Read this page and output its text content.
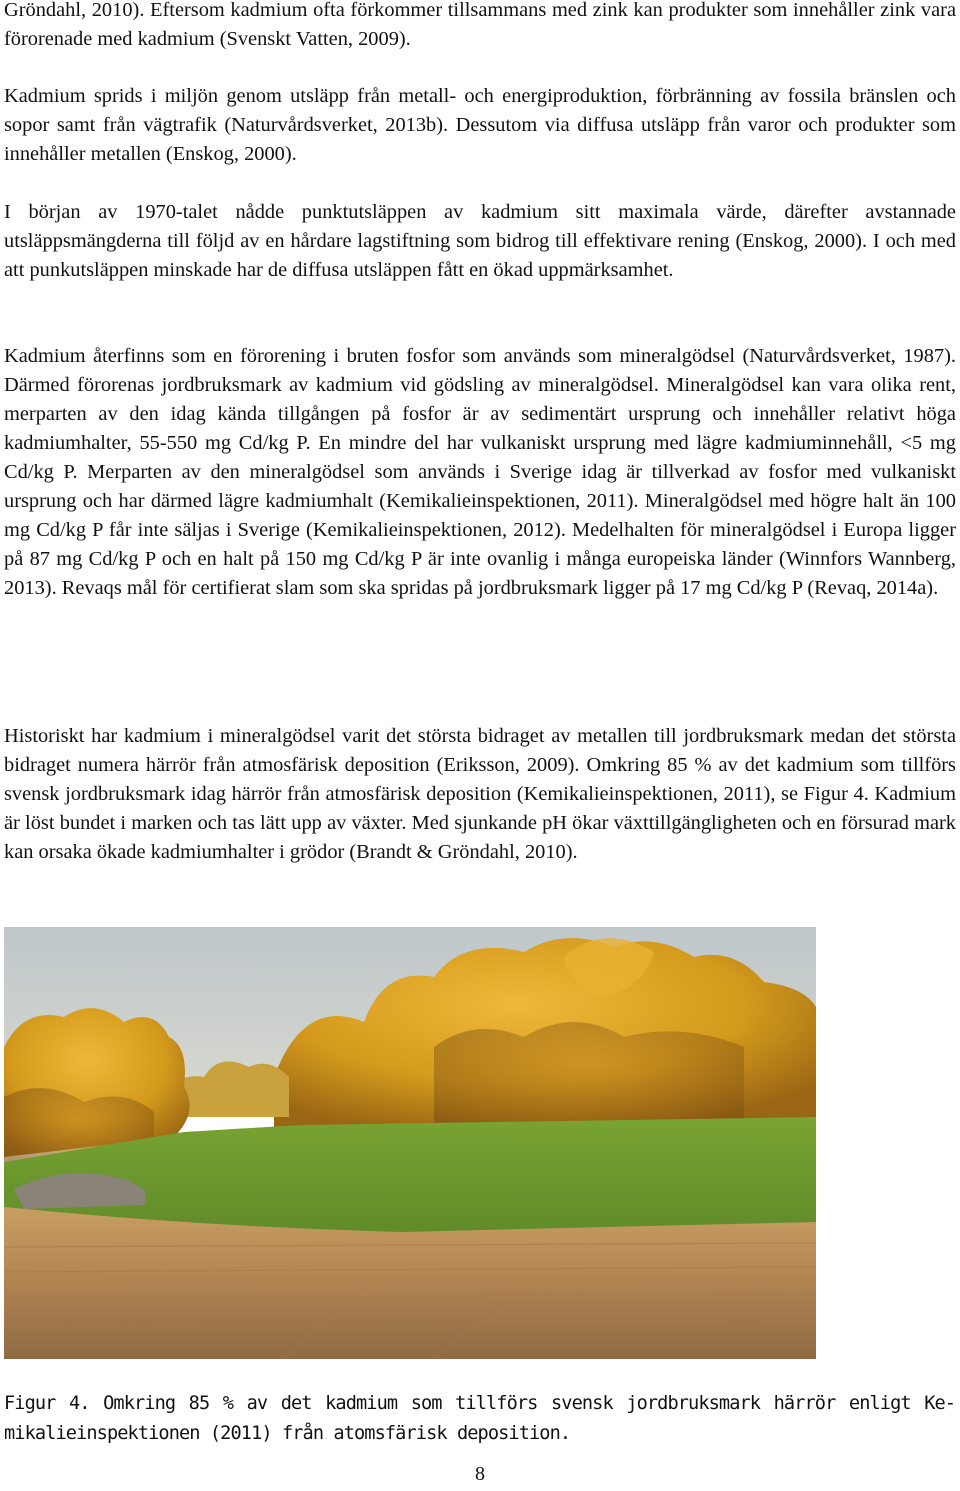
Gröndahl, 2010). Eftersom kadmium ofta förkommer tillsammans med zink kan produkter som innehåller zink vara förorenade med kadmium (Svenskt Vatten, 2009).

Kadmium sprids i miljön genom utsläpp från metall- och energiproduktion, förbränning av fossila bränslen och sopor samt från vägtrafik (Naturvårdsverket, 2013b). Dessutom via diffusa utsläpp från varor och produkter som innehåller metallen (Enskog, 2000).

I början av 1970-talet nådde punktutsläppen av kadmium sitt maximala värde, därefter avstannade utsläppsmängderna till följd av en hårdare lagstiftning som bidrog till effektivare rening (Enskog, 2000). I och med att punkutsläppen minskade har de diffusa utsläppen fått en ökad uppmärksamhet.

Kadmium återfinns som en förorening i bruten fosfor som används som mineralgödsel (Naturvårdsverket, 1987). Därmed förorenas jordbruksmark av kadmium vid gödsling av mineralgödsel. Mineralgödsel kan vara olika rent, merparten av den idag kända tillgången på fosfor är av sedimentärt ursprung och innehåller relativt höga kadmiumhalter, 55-550 mg Cd/kg P. En mindre del har vulkaniskt ursprung med lägre kadmiuminnehåll, <5 mg Cd/kg P. Merparten av den mineralgödsel som används i Sverige idag är tillverkad av fosfor med vulkaniskt ursprung och har därmed lägre kadmiumhalt (Kemikalieinspektionen, 2011). Mineralgödsel med högre halt än 100 mg Cd/kg P får inte säljas i Sverige (Kemikalieinspektionen, 2012). Medelhalten för mineralgödsel i Europa ligger på 87 mg Cd/kg P och en halt på 150 mg Cd/kg P är inte ovanlig i många europeiska länder (Winnfors Wannberg, 2013). Revaqs mål för certifierat slam som ska spridas på jordbruksmark ligger på 17 mg Cd/kg P (Revaq, 2014a).

Historiskt har kadmium i mineralgödsel varit det största bidraget av metallen till jordbruksmark medan det största bidraget numera härrör från atmosfärisk deposition (Eriksson, 2009). Omkring 85 % av det kadmium som tillförs svensk jordbruksmark idag härrör från atmosfärisk deposition (Kemikalieinspektionen, 2011), se Figur 4. Kadmium är löst bundet i marken och tas lätt upp av växter. Med sjunkande pH ökar växttillgängligheten och en försurad mark kan orsaka ökade kadmiumhalter i grödor (Brandt & Gröndahl, 2010).

Figur 4. Omkring 85 % av det kadmium som tillförs svensk jordbruksmark härrör enligt Kemikalieinspektionen (2011) från atomsfärisk deposition.

8
